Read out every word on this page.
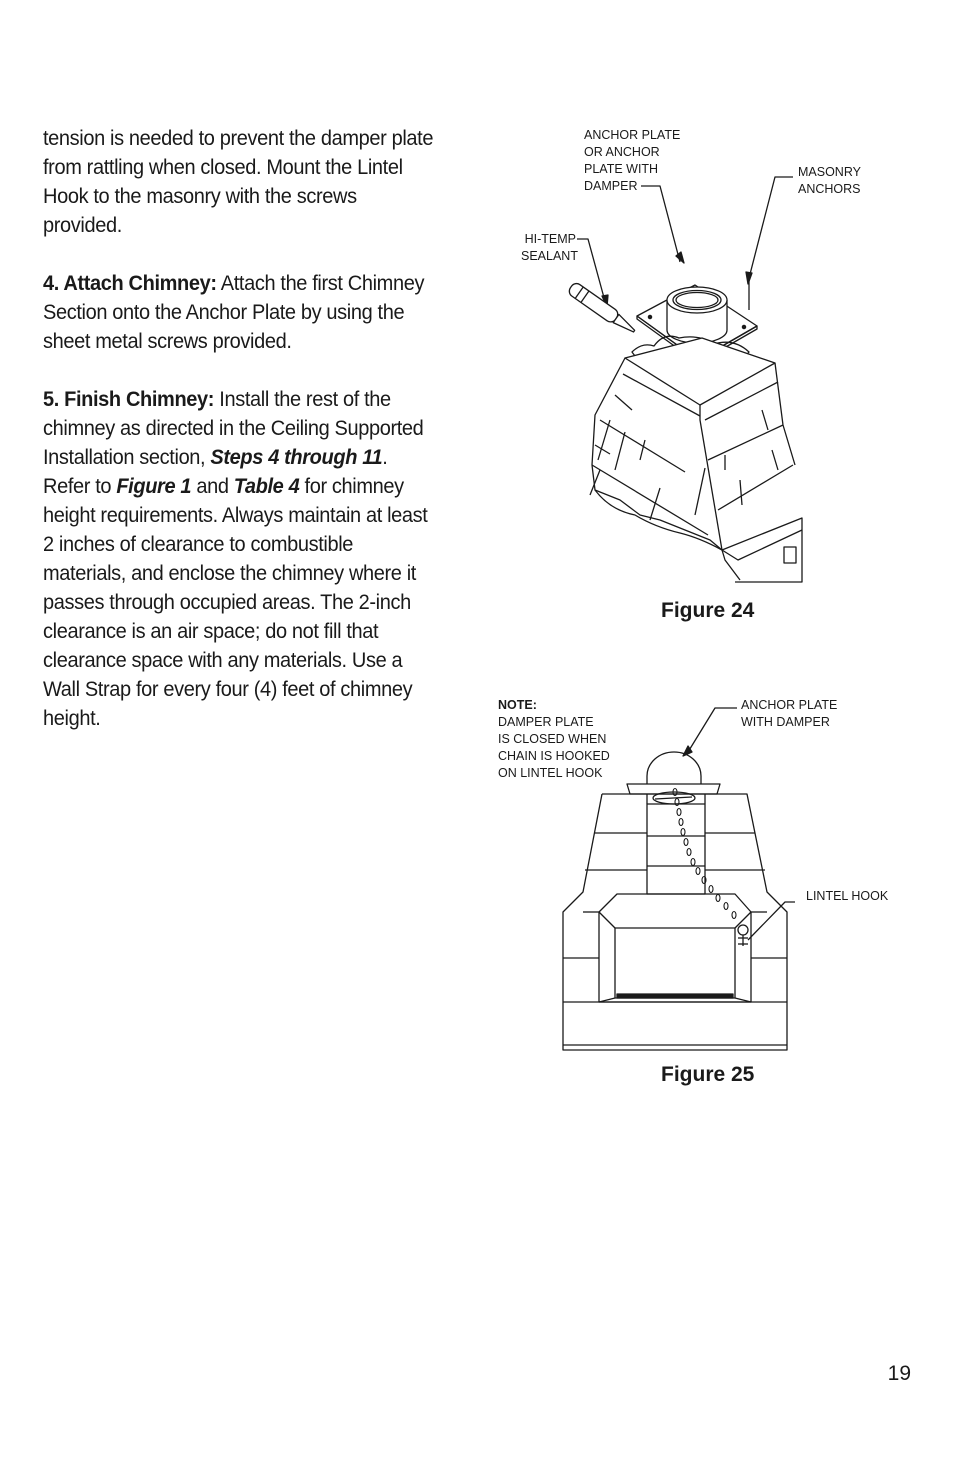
tension is needed to prevent the damper plate from rattling when closed. Mount the Lintel Hook to the masonry with the screws provided.

4. Attach Chimney: Attach the first Chimney Section onto the Anchor Plate by using the sheet metal screws provided.

5. Finish Chimney: Install the rest of the chimney as directed in the Ceiling Supported Installation section, Steps 4 through 11. Refer to Figure 1 and Table 4 for chimney height requirements. Always maintain at least 2 inches of clearance to combustible materials, and enclose the chimney where it passes through occupied areas. The 2-inch clearance is an air space; do not fill that clearance space with any materials. Use a Wall Strap for every four (4) feet of chimney height.

ANCHOR PLATE
OR ANCHOR
PLATE WITH
DAMPER
MASONRY
ANCHORS
HI-TEMP
SEALANT
Figure 24
NOTE:
DAMPER PLATE
IS CLOSED WHEN
CHAIN IS HOOKED
ON LINTEL HOOK
ANCHOR PLATE
WITH DAMPER
LINTEL HOOK
Figure 25
19
